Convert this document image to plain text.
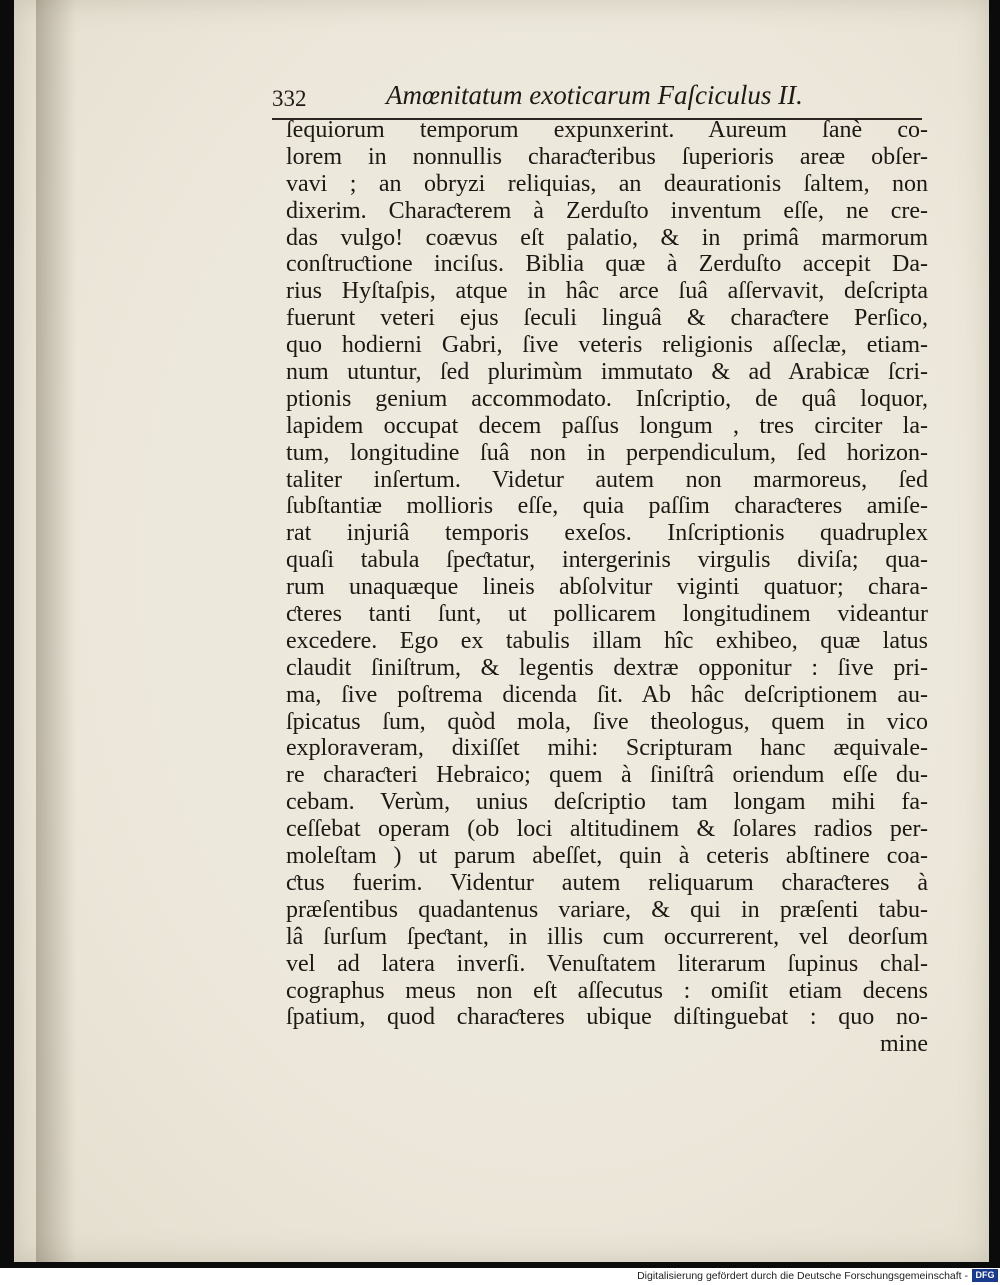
332	Amœnitatum exoticarum Faſciculus II.
ſequiorum temporum expunxerint. Aureum ſanè co-
lorem in nonnullis charaƈteribus ſuperioris areæ obſer-
vavi ; an obryzi reliquias, an deaurationis ſaltem, non
dixerim. Charaƈterem à Zerduſto inventum eſſe, ne cre-
das vulgo! coævus eſt palatio, & in primâ marmorum
conſtruƈtione inciſus. Biblia quæ à Zerduſto accepit Da-
rius Hyſtaſpis, atque in hâc arce ſuâ aſſervavit, deſcripta
fuerunt veteri ejus ſeculi linguâ & charaƈtere Perſico,
quo hodierni Gabri, ſive veteris religionis aſſeclæ, etiam-
num utuntur, ſed plurimùm immutato & ad Arabicæ ſcri-
ptionis genium accommodato. Inſcriptio, de quâ loquor,
lapidem occupat decem paſſus longum , tres circiter la-
tum, longitudine ſuâ non in perpendiculum, ſed horizon-
taliter inſertum. Videtur autem non marmoreus, ſed
ſubſtantiæ mollioris eſſe, quia paſſim charaƈteres amiſe-
rat injuriâ temporis exeſos. Inſcriptionis quadruplex
quaſi tabula ſpeƈtatur, intergerinis virgulis diviſa; qua-
rum unaquæque lineis abſolvitur viginti quatuor; chara-
ƈteres tanti ſunt, ut pollicarem longitudinem videantur
excedere. Ego ex tabulis illam hîc exhibeo, quæ latus
claudit ſiniſtrum, & legentis dextræ opponitur : ſive pri-
ma, ſive poſtrema dicenda ſit. Ab hâc deſcriptionem au-
ſpicatus ſum, quòd mola, ſive theologus, quem in vico
exploraveram, dixiſſet mihi: Scripturam hanc æquivale-
re charaƈteri Hebraico; quem à ſiniſtrâ oriendum eſſe du-
cebam. Verùm, unius deſcriptio tam longam mihi fa-
ceſſebat operam (ob loci altitudinem & ſolares radios per-
moleſtam ) ut parum abeſſet, quin à ceteris abſtinere coa-
ƈtus fuerim. Videntur autem reliquarum charaƈteres à
præſentibus quadantenus variare, & qui in præſenti tabu-
lâ ſurſum ſpeƈtant, in illis cum occurrerent, vel deorſum
vel ad latera inverſi. Venuſtatem literarum ſupinus chal-
cographus meus non eſt aſſecutus : omiſit etiam decens
ſpatium, quod charaƈteres ubique diſtinguebat : quo no-
mine
Digitalisierung gefördert durch die Deutsche Forschungsgemeinschaft - DFG
